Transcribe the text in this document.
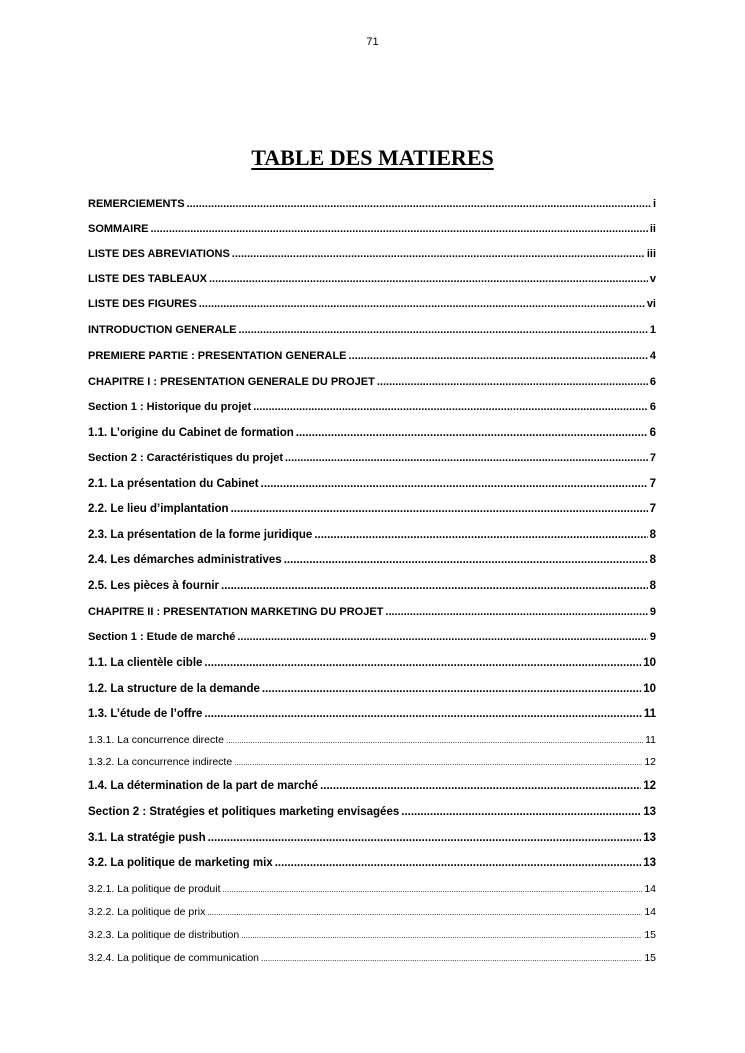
71
TABLE DES MATIERES
REMERCIEMENTS .....	i
SOMMAIRE .....	ii
LISTE DES ABREVIATIONS .....	iii
LISTE DES TABLEAUX .....	v
LISTE DES FIGURES .....	vi
INTRODUCTION GENERALE .....	1
PREMIERE PARTIE : PRESENTATION GENERALE .....	4
CHAPITRE I : PRESENTATION GENERALE DU PROJET .....	6
Section 1 : Historique du projet .....	6
1.1. L’origine du Cabinet de formation .....	6
Section 2 : Caractéristiques du projet .....	7
2.1. La présentation du Cabinet .....	7
2.2. Le lieu d’implantation .....	7
2.3. La présentation de la forme juridique .....	8
2.4. Les démarches administratives .....	8
2.5. Les pièces à fournir .....	8
CHAPITRE II : PRESENTATION MARKETING DU PROJET .....	9
Section 1 : Etude de marché .....	9
1.1. La clientèle cible .....	10
1.2. La structure de la demande .....	10
1.3. L’étude de l’offre .....	11
1.3.1. La concurrence directe .....	11
1.3.2. La concurrence indirecte .....	12
1.4. La détermination de la part de marché .....	12
Section 2 : Stratégies et politiques marketing envisagées .....	13
3.1. La stratégie push .....	13
3.2. La politique de marketing mix .....	13
3.2.1. La politique de produit .....	14
3.2.2. La politique de prix .....	14
3.2.3. La politique de distribution .....	15
3.2.4. La politique de communication .....	15
